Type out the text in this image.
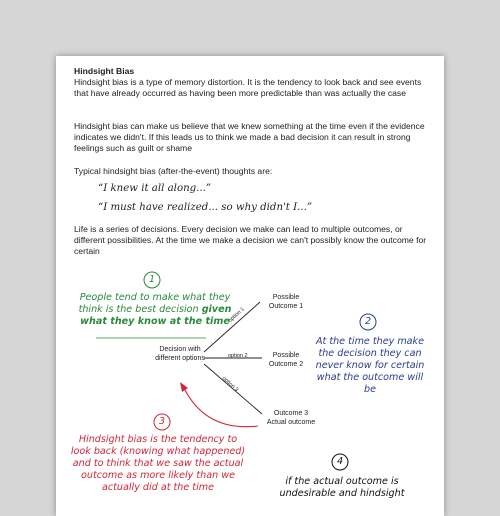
Hindsight Bias

Hindsight bias is a type of memory distortion. It is the tendency to look back and see events that have already occurred as having been more predictable than was actually the case

Hindsight bias can make us believe that we knew something at the time even if the evidence indicates we didn't. If this leads us to think we made a bad decision it can result in strong feelings such as guilt or shame

Typical hindsight bias (after-the-event) thoughts are:

“I knew it all along...”

“I must have realized... so why didn't I...”

Life is a series of decisions. Every decision we make can lead to multiple outcomes, or different possibilities. At the time we make a decision we can't possibly know the outcome for certain

1
2
3
4
People tend to make what they think is the best decision given what they know at the time
At the time they make the decision they can never know for certain what the outcome will be
Hindsight bias is the tendency to look back (knowing what happened) and to think that we saw the actual outcome as more likely than we actually did at the time
if the actual outcome is undesirable and hindsight
Decision with different options
option 1
option 2
option 3
Possible Outcome 1
Possible Outcome 2
Outcome 3 Actual outcome
